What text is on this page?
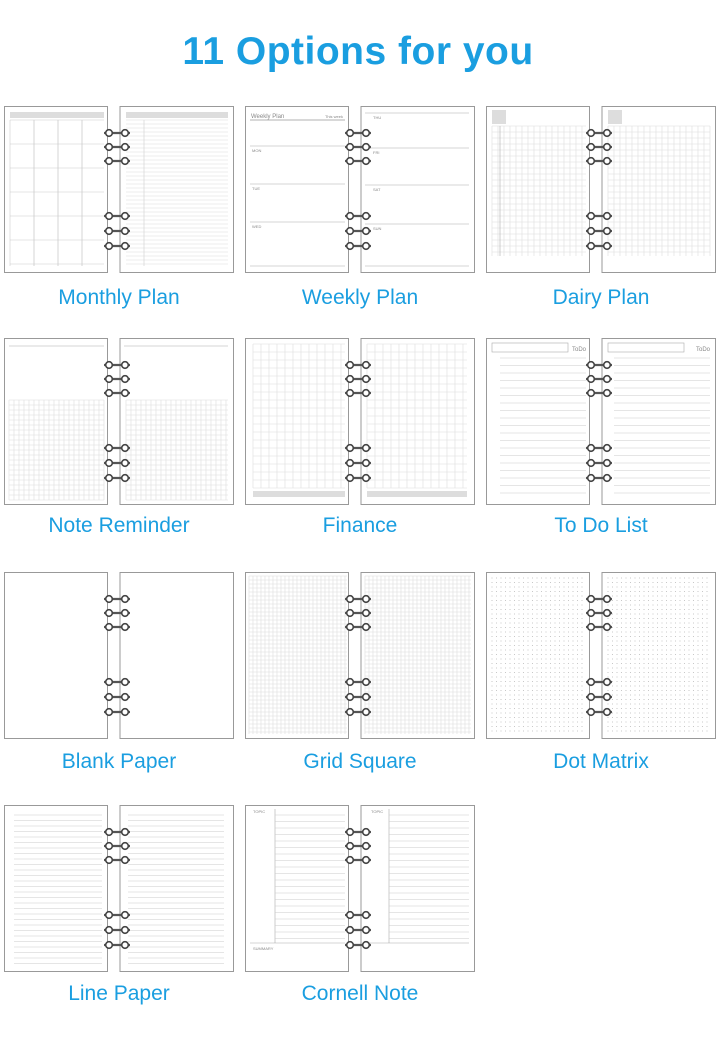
11 Options for you
Monthly Plan
Weekly Plan	This week
MON
TUE
WED
THU
FRI
SAT
SUN
Weekly Plan	Dairy Plan
Note Reminder	Finance
ToDo	ToDo
To Do List
Blank Paper	Grid Square	Dot Matrix
Line Paper
TOPIC
SUMMARY
TOPIC
Cornell Note
